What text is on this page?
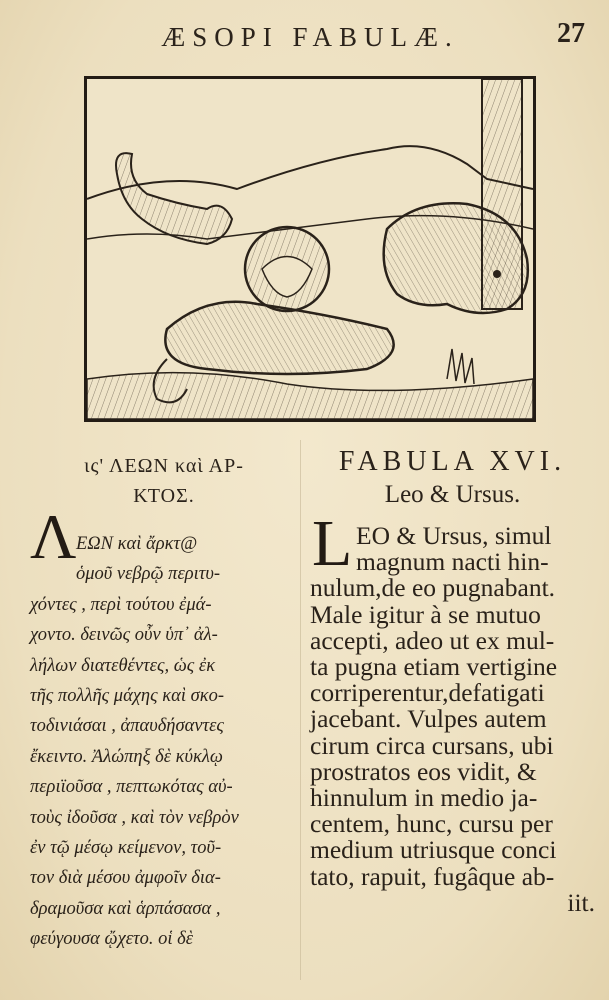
ÆSOPI FABULÆ.	27
ις' ΛΕΩΝ καὶ ΑΡ-
ΚΤΟΣ.
Λ ΕΩΝ καὶ ἄρκτ@
ὁμοῦ νεβρῷ περιτυ-
χόντες , περὶ τούτου ἐμά-
χοντο. δεινῶς οὖν ὑπ᾿ ἀλ-
λήλων διατεθέντες, ὡς ἐκ
τῆς πολλῆς μάχης καὶ σκο-
τοδινιάσαι , ἀπαυδήσαντες
ἔκειντο. Ἀλώπηξ δὲ κύκλῳ
περιϊοῦσα , πεπτωκότας αὐ-
τοὺς ἰδοῦσα , καὶ τὸν νεβρὸν
ἐν τῷ μέσῳ κείμενον, τοῦ-
τον διὰ μέσου ἀμφοῖν δια-
δραμοῦσα καὶ ἁρπάσασα ,
φεύγουσα ᾤχετο. οἱ δὲ
FABULA XVI.
Leo & Ursus.
L EO & Ursus, simul
magnum nacti hin-
nulum,de eo pugnabant.
Male igitur à se mutuo
accepti, adeo ut ex mul-
ta pugna etiam vertigine
corriperentur,defatigati
jacebant. Vulpes autem
cirum circa cursans, ubi
prostratos eos vidit, &
hinnulum in medio ja-
centem, hunc, cursu per
medium utriusque conci
tato, rapuit, fugâque ab-
iit.
